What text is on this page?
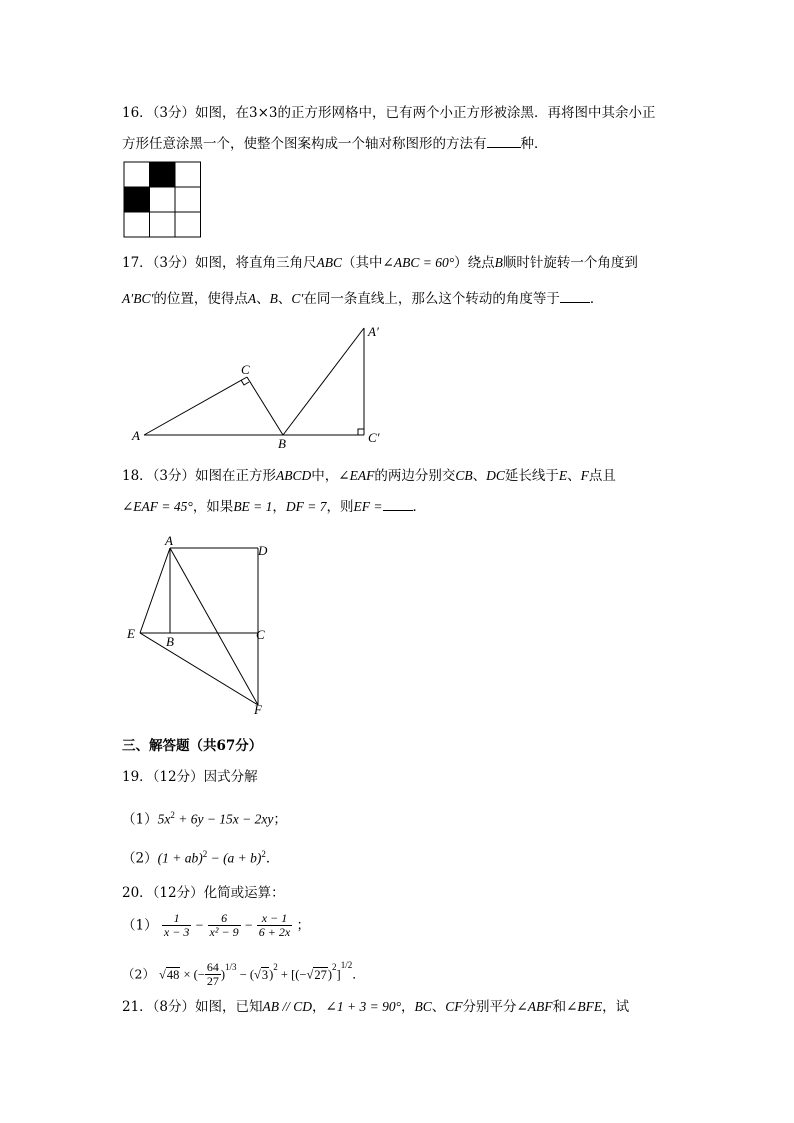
16．（3分）如图，在3×3的正方形网格中，已有两个小正方形被涂黑．再将图中其余小正
方形任意涂黑一个，使整个图案构成一个轴对称图形的方法有	种．
17．（3分）如图，将直角三角尺ABC（其中∠ABC = 60°）绕点B顺时针旋转一个角度到
A′BC′的位置，使得点A、B、C′在同一条直线上，那么这个转动的角度等于 ．
A
C
B
A′
C′
18．（3分）如图在正方形ABCD中，∠EAF的两边分别交CB、DC延长线于E、F点且
∠EAF = 45°，如果BE = 1，DF = 7，则EF = ．
A
D
E
B	C
F
三、解答题（共67分）
19．（12分）因式分解
$(1)5x^2 + 6y - 15x - 2xy$；
$(2)(1 + ab)^2 - (a + b)^2$．
20．（12分）化简或运算：
$(1) \frac{1}{x - 3} - \frac{6}{\text{x² − 9}} - \frac{x - 1}{6 + 2x}$ ；
（2） √48 × (− $\frac{64}{27} )^{1/3} - (√3)^2 + [(-√27)^2]^{1/2}$．
21．（8分）如图，已知AB // CD，∠1 + 3 = 90°，BC、CF分别平分∠ABF和∠BFE，试
